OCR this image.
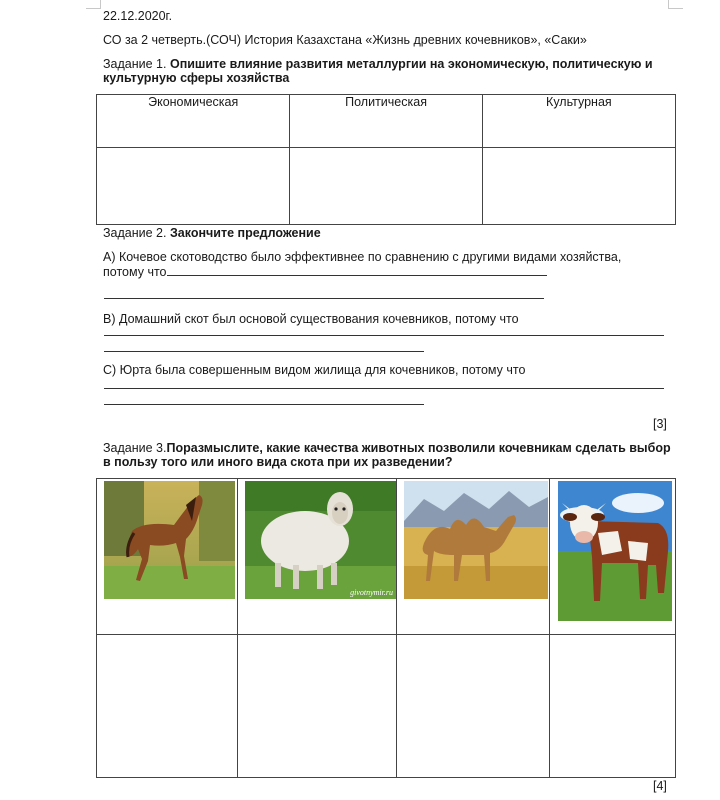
22.12.2020г.
СО за 2 четверть.(СОЧ) История Казахстана «Жизнь древних кочевников», «Саки»
Задание 1. Опишите влияние развития металлургии на экономическую, политическую и
культурную сферы хозяйства
Экономическая	Политическая	Культурная

Задание 2. Закончите предложение
А) Кочевое скотоводство было эффективнее по сравнению с другими видами хозяйства,
потому что
В) Домашний скот был основой существования кочевников, потому что
С) Юрта была совершенным видом жилища для кочевников, потому что
[3]
Задание 3.Поразмыслите, какие качества животных позволили кочевникам сделать выбор
в пользу того или иного вида скота при их разведении?

givotnymir.ru
[4]
